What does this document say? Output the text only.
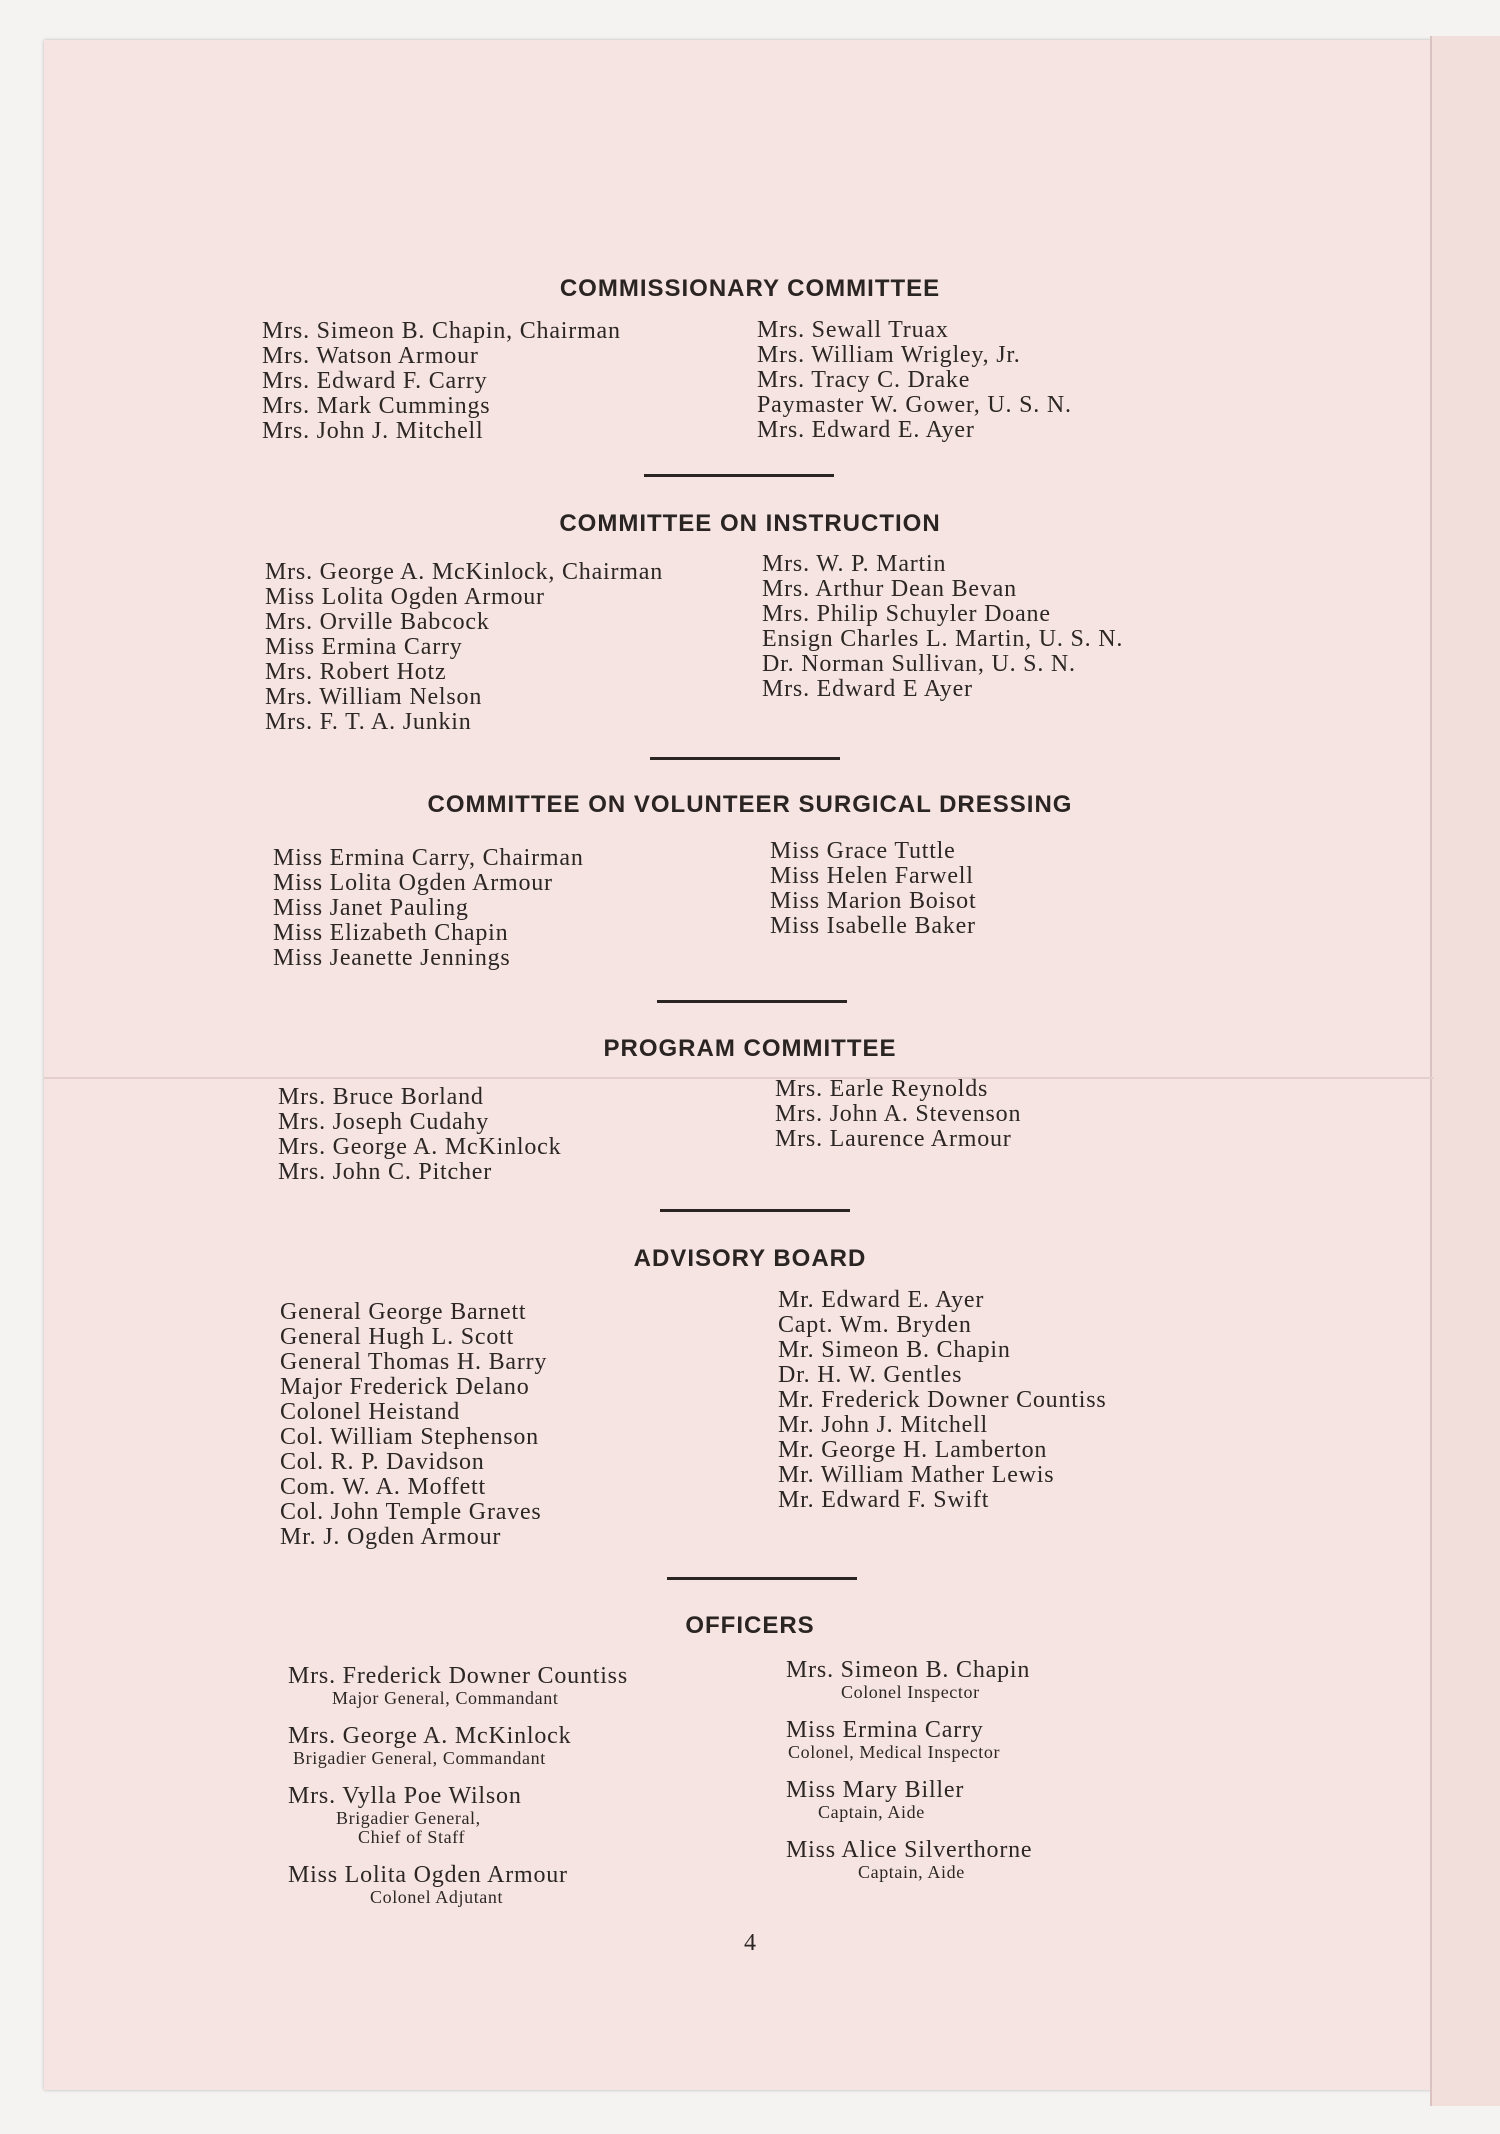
COMMISSIONARY COMMITTEE
Mrs. Simeon B. Chapin, Chairman
Mrs. Watson Armour
Mrs. Edward F. Carry
Mrs. Mark Cummings
Mrs. John J. Mitchell
Mrs. Sewall Truax
Mrs. William Wrigley, Jr.
Mrs. Tracy C. Drake
Paymaster W. Gower, U. S. N.
Mrs. Edward E. Ayer
COMMITTEE ON INSTRUCTION
Mrs. George A. McKinlock, Chairman
Miss Lolita Ogden Armour
Mrs. Orville Babcock
Miss Ermina Carry
Mrs. Robert Hotz
Mrs. William Nelson
Mrs. F. T. A. Junkin
Mrs. W. P. Martin
Mrs. Arthur Dean Bevan
Mrs. Philip Schuyler Doane
Ensign Charles L. Martin, U. S. N.
Dr. Norman Sullivan, U. S. N.
Mrs. Edward E Ayer
COMMITTEE ON VOLUNTEER SURGICAL DRESSING
Miss Ermina Carry, Chairman
Miss Lolita Ogden Armour
Miss Janet Pauling
Miss Elizabeth Chapin
Miss Jeanette Jennings
Miss Grace Tuttle
Miss Helen Farwell
Miss Marion Boisot
Miss Isabelle Baker
PROGRAM COMMITTEE
Mrs. Bruce Borland
Mrs. Joseph Cudahy
Mrs. George A. McKinlock
Mrs. John C. Pitcher
Mrs. Earle Reynolds
Mrs. John A. Stevenson
Mrs. Laurence Armour
ADVISORY BOARD
General George Barnett
General Hugh L. Scott
General Thomas H. Barry
Major Frederick Delano
Colonel Heistand
Col. William Stephenson
Col. R. P. Davidson
Com. W. A. Moffett
Col. John Temple Graves
Mr. J. Ogden Armour
Mr. Edward E. Ayer
Capt. Wm. Bryden
Mr. Simeon B. Chapin
Dr. H. W. Gentles
Mr. Frederick Downer Countiss
Mr. John J. Mitchell
Mr. George H. Lamberton
Mr. William Mather Lewis
Mr. Edward F. Swift
OFFICERS
Mrs. Frederick Downer Countiss
Major General, Commandant
Mrs. George A. McKinlock
Brigadier General, Commandant
Mrs. Vylla Poe Wilson
Brigadier General,
Chief of Staff
Miss Lolita Ogden Armour
Colonel Adjutant
Mrs. Simeon B. Chapin
Colonel Inspector
Miss Ermina Carry
Colonel, Medical Inspector
Miss Mary Biller
Captain, Aide
Miss Alice Silverthorne
Captain, Aide
4
